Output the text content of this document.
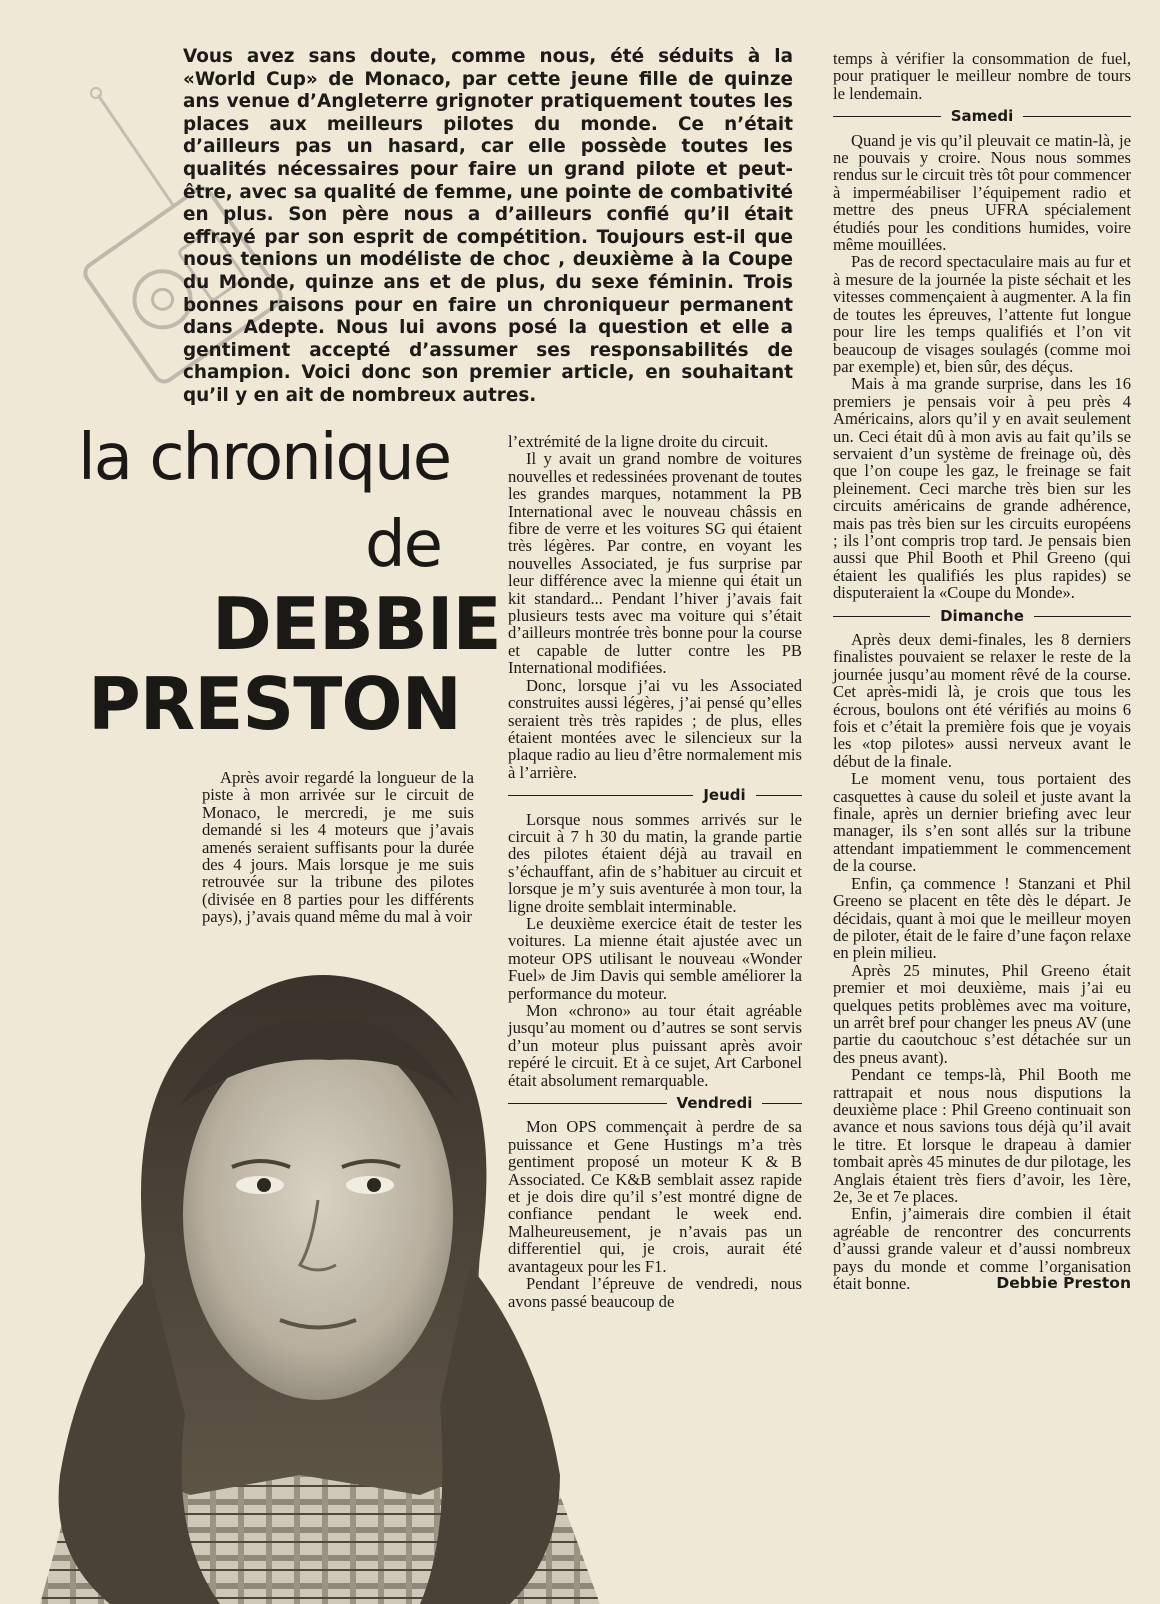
Vous avez sans doute, comme nous, été séduits à la «World Cup» de Monaco, par cette jeune fille de quinze ans venue d’Angleterre grignoter pratiquement toutes les places aux meilleurs pilotes du monde. Ce n’était d’ailleurs pas un hasard, car elle possède toutes les qualités nécessaires pour faire un grand pilote et peut-être, avec sa qualité de femme, une pointe de combativité en plus. Son père nous a d’ailleurs confié qu’il était effrayé par son esprit de compétition. Toujours est-il que nous tenions un modéliste de choc , deuxième à la Coupe du Monde, quinze ans et de plus, du sexe féminin. Trois bonnes raisons pour en faire un chroniqueur permanent dans Adepte. Nous lui avons posé la question et elle a gentiment accepté d’assumer ses responsabilités de champion. Voici donc son premier article, en souhaitant qu’il y en ait de nombreux autres.

la chronique
de
DEBBIE
PRESTON

Après avoir regardé la longueur de la piste à mon arrivée sur le circuit de Monaco, le mercredi, je me suis demandé si les 4 moteurs que j’avais amenés seraient suffisants pour la durée des 4 jours. Mais lorsque je me suis retrouvée sur la tribune des pilotes (divisée en 8 parties pour les différents pays), j’avais quand même du mal à voir

l’extrémité de la ligne droite du circuit.

Il y avait un grand nombre de voitures nouvelles et redessinées provenant de toutes les grandes marques, notamment la PB International avec le nouveau châssis en fibre de verre et les voitures SG qui étaient très légères. Par contre, en voyant les nouvelles Associated, je fus surprise par leur différence avec la mienne qui était un kit standard... Pendant l’hiver j’avais fait plusieurs tests avec ma voiture qui s’était d’ailleurs montrée très bonne pour la course et capable de lutter contre les PB International modifiées.

Donc, lorsque j’ai vu les Associated construites aussi légères, j’ai pensé qu’elles seraient très très rapides ; de plus, elles étaient montées avec le silencieux sur la plaque radio au lieu d’être normalement mis à l’arrière.

Jeudi

Lorsque nous sommes arrivés sur le circuit à 7 h 30 du matin, la grande partie des pilotes étaient déjà au travail en s’échauffant, afin de s’habituer au circuit et lorsque je m’y suis aventurée à mon tour, la ligne droite semblait interminable.

Le deuxième exercice était de tester les voitures. La mienne était ajustée avec un moteur OPS utilisant le nouveau «Wonder Fuel» de Jim Davis qui semble améliorer la performance du moteur.

Mon «chrono» au tour était agréable jusqu’au moment ou d’autres se sont servis d’un moteur plus puissant après avoir repéré le circuit. Et à ce sujet, Art Carbonel était absolument remarquable.

Vendredi

Mon OPS commençait à perdre de sa puissance et Gene Hustings m’a très gentiment proposé un moteur K & B Associated. Ce K&B semblait assez rapide et je dois dire qu’il s’est montré digne de confiance pendant le week end. Malheureusement, je n’avais pas un differentiel qui, je crois, aurait été avantageux pour les F1.

Pendant l’épreuve de vendredi, nous avons passé beaucoup de

temps à vérifier la consommation de fuel, pour pratiquer le meilleur nombre de tours le lendemain.

Samedi

Quand je vis qu’il pleuvait ce matin-là, je ne pouvais y croire. Nous nous sommes rendus sur le circuit très tôt pour commencer à imperméabiliser l’équipement radio et mettre des pneus UFRA spécialement étudiés pour les conditions humides, voire même mouillées.

Pas de record spectaculaire mais au fur et à mesure de la journée la piste séchait et les vitesses commençaient à augmenter. A la fin de toutes les épreuves, l’attente fut longue pour lire les temps qualifiés et l’on vit beaucoup de visages soulagés (comme moi par exemple) et, bien sûr, des déçus.

Mais à ma grande surprise, dans les 16 premiers je pensais voir à peu près 4 Américains, alors qu’il y en avait seulement un. Ceci était dû à mon avis au fait qu’ils se servaient d’un système de freinage où, dès que l’on coupe les gaz, le freinage se fait pleinement. Ceci marche très bien sur les circuits américains de grande adhérence, mais pas très bien sur les circuits européens ; ils l’ont compris trop tard. Je pensais bien aussi que Phil Booth et Phil Greeno (qui étaient les qualifiés les plus rapides) se disputeraient la «Coupe du Monde».

Dimanche

Après deux demi-finales, les 8 derniers finalistes pouvaient se relaxer le reste de la journée jusqu’au moment rêvé de la course. Cet après-midi là, je crois que tous les écrous, boulons ont été vérifiés au moins 6 fois et c’était la première fois que je voyais les «top pilotes» aussi nerveux avant le début de la finale.

Le moment venu, tous portaient des casquettes à cause du soleil et juste avant la finale, après un dernier briefing avec leur manager, ils s’en sont allés sur la tribune attendant impatiemment le commencement de la course.

Enfin, ça commence ! Stanzani et Phil Greeno se placent en tête dès le départ. Je décidais, quant à moi que le meilleur moyen de piloter, était de le faire d’une façon relaxe en plein milieu.

Après 25 minutes, Phil Greeno était premier et moi deuxième, mais j’ai eu quelques petits problèmes avec ma voiture, un arrêt bref pour changer les pneus AV (une partie du caoutchouc s’est détachée sur un des pneus avant).

Pendant ce temps-là, Phil Booth me rattrapait et nous nous disputions la deuxième place : Phil Greeno continuait son avance et nous savions tous déjà qu’il avait le titre. Et lorsque le drapeau à damier tombait après 45 minutes de dur pilotage, les Anglais étaient très fiers d’avoir, les 1ère, 2e, 3e et 7e places.

Enfin, j’aimerais dire combien il était agréable de rencontrer des concurrents d’aussi grande valeur et d’aussi nombreux pays du monde et comme l’organisation était bonne.	Debbie Preston
